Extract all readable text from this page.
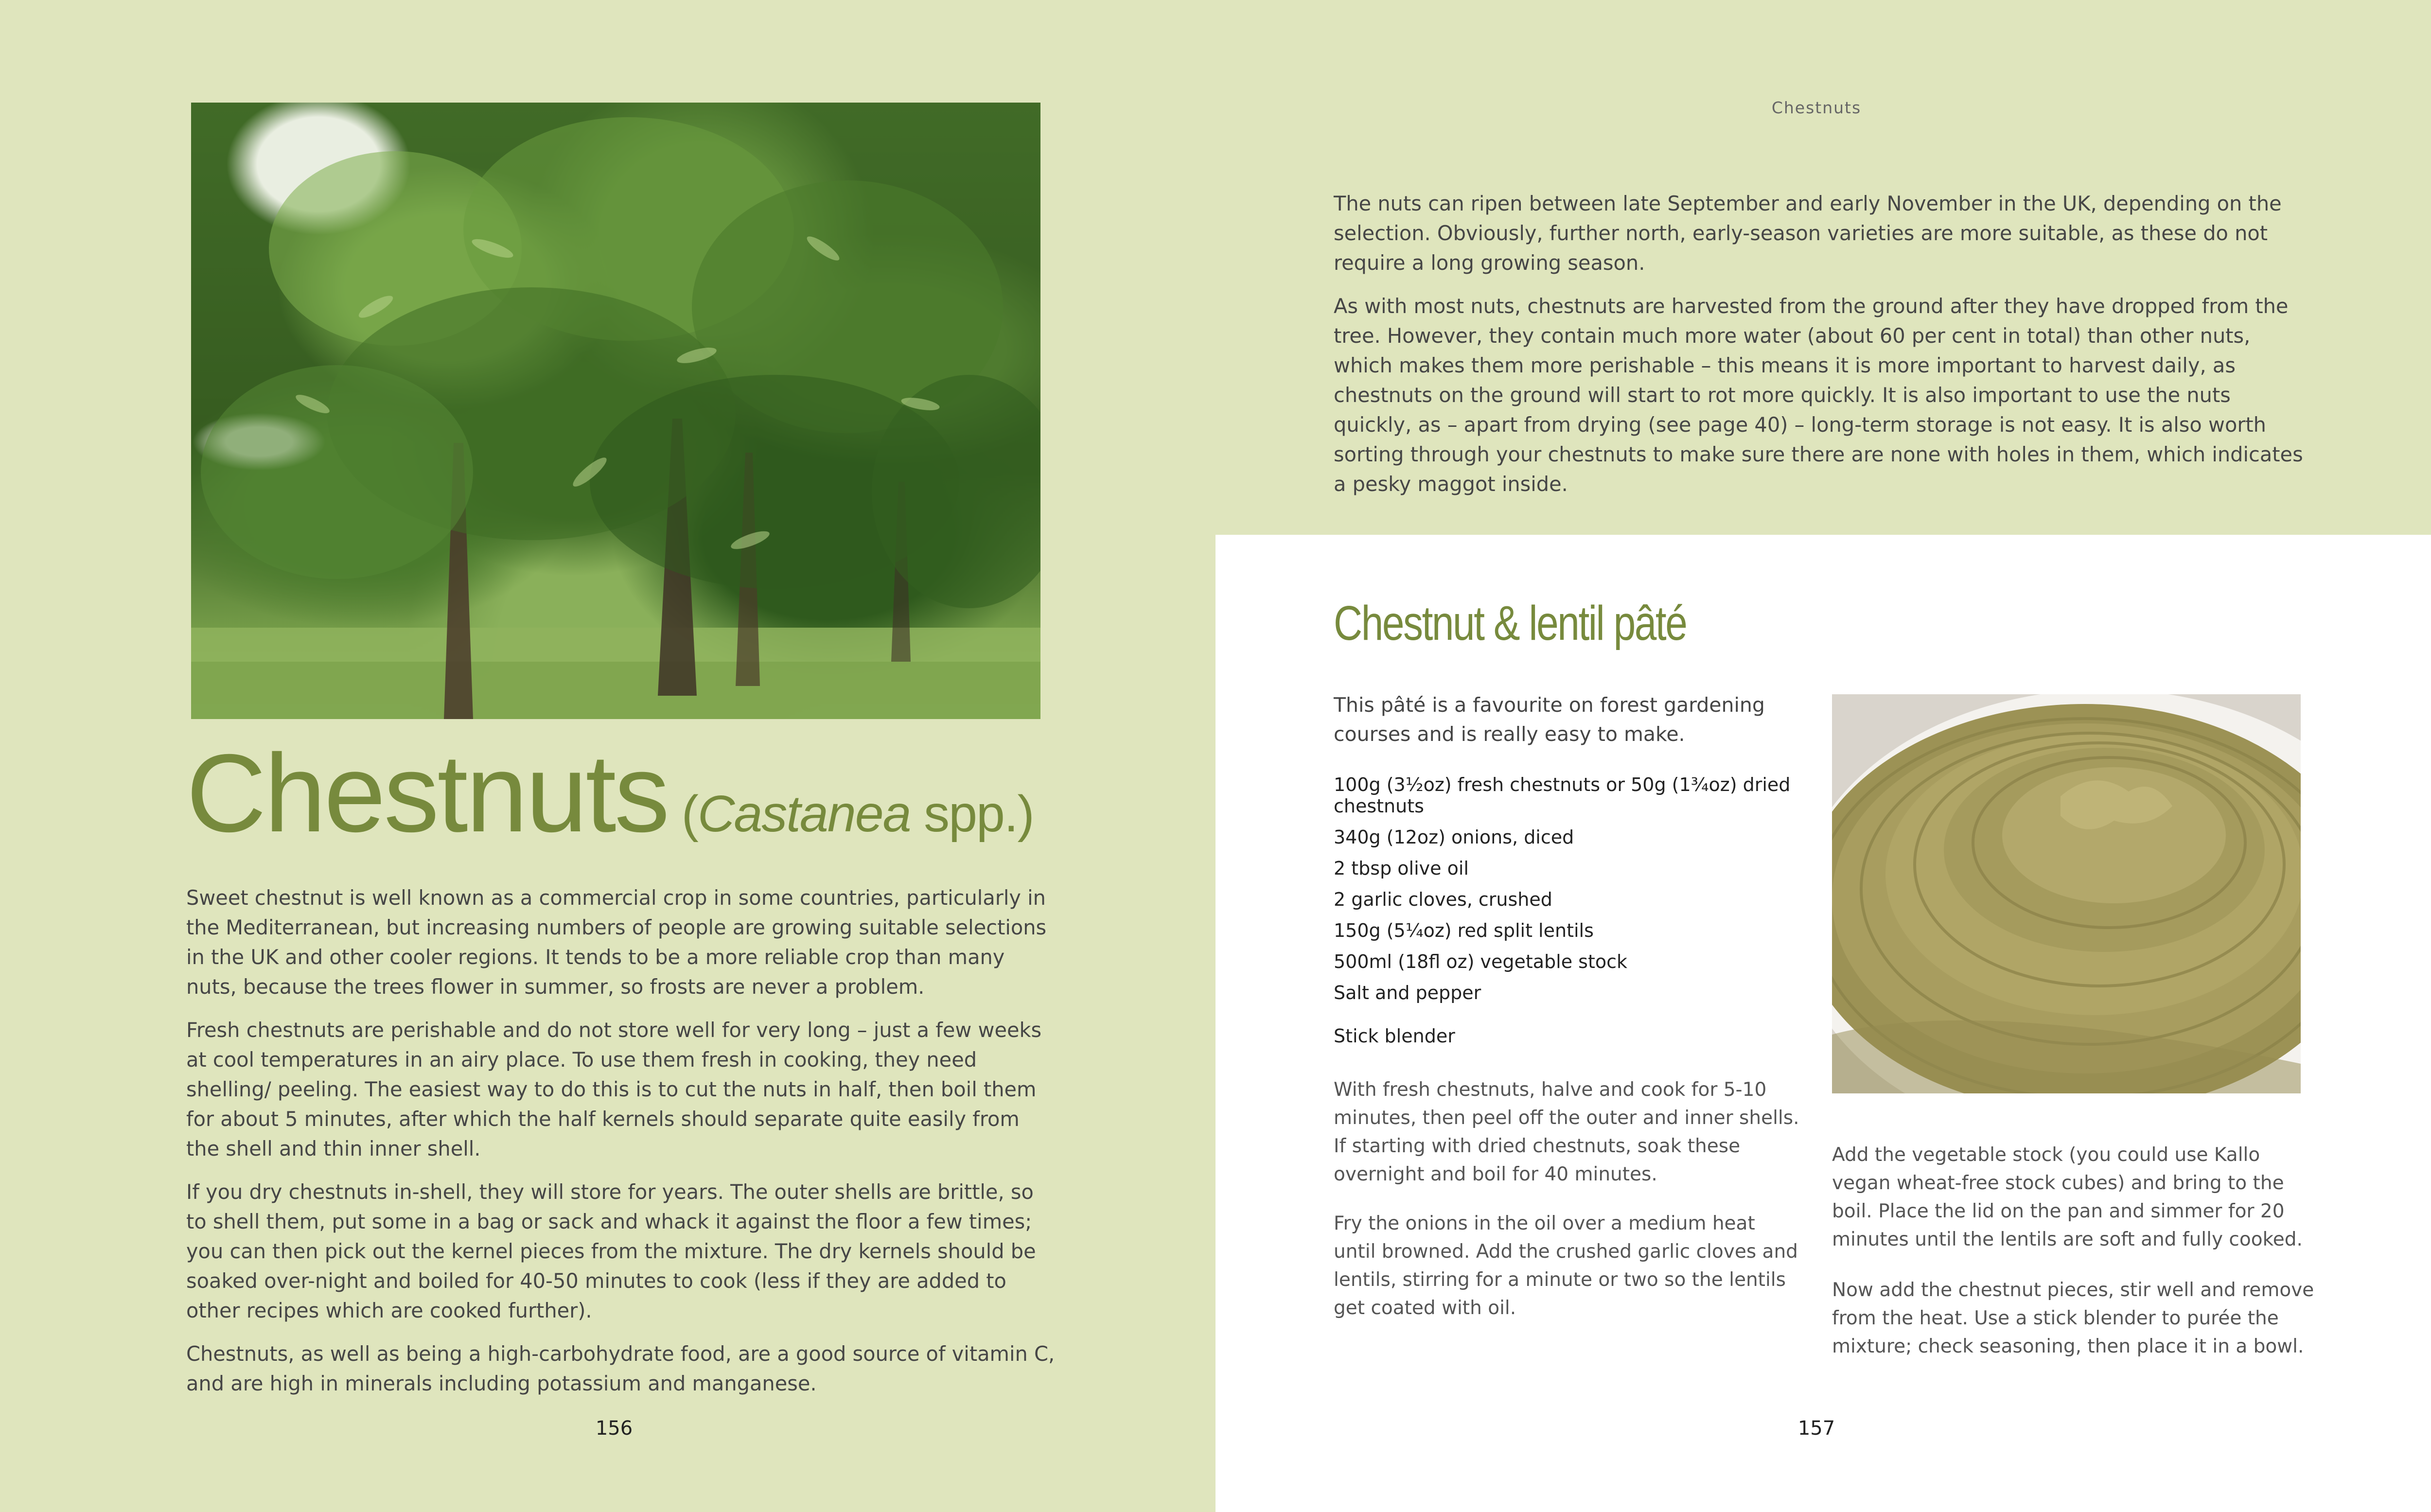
Chestnuts (Castanea spp.)

Sweet chestnut is well known as a commercial crop in some countries, particularly in the Mediterranean, but increasing numbers of people are growing suitable selections in the UK and other cooler regions. It tends to be a more reliable crop than many nuts, because the trees flower in summer, so frosts are never a problem.

Fresh chestnuts are perishable and do not store well for very long – just a few weeks at cool temperatures in an airy place. To use them fresh in cooking, they need shelling/ peeling. The easiest way to do this is to cut the nuts in half, then boil them for about 5 minutes, after which the half kernels should separate quite easily from the shell and thin inner shell.

If you dry chestnuts in-shell, they will store for years. The outer shells are brittle, so to shell them, put some in a bag or sack and whack it against the floor a few times; you can then pick out the kernel pieces from the mixture. The dry kernels should be soaked over-night and boiled for 40-50 minutes to cook (less if they are added to other recipes which are cooked further).

Chestnuts, as well as being a high-carbohydrate food, are a good source of vitamin C, and are high in minerals including potassium and manganese.

156
Chestnuts

The nuts can ripen between late September and early November in the UK, depending on the selection. Obviously, further north, early-season varieties are more suitable, as these do not require a long growing season.

As with most nuts, chestnuts are harvested from the ground after they have dropped from the tree. However, they contain much more water (about 60 per cent in total) than other nuts, which makes them more perishable – this means it is more important to harvest daily, as chestnuts on the ground will start to rot more quickly. It is also important to use the nuts quickly, as – apart from drying (see page 40) – long-term storage is not easy. It is also worth sorting through your chestnuts to make sure there are none with holes in them, which indicates a pesky maggot inside.

Chestnut & lentil pâté
This pâté is a favourite on forest gardening courses and is really easy to make.
100g (3½oz) fresh chestnuts or 50g (1¾oz) dried chestnuts
340g (12oz) onions, diced
2 tbsp olive oil
2 garlic cloves, crushed
150g (5¼oz) red split lentils
500ml (18fl oz) vegetable stock
Salt and pepper
Stick blender
With fresh chestnuts, halve and cook for 5-10 minutes, then peel off the outer and inner shells. If starting with dried chestnuts, soak these overnight and boil for 40 minutes.
Fry the onions in the oil over a medium heat until browned. Add the crushed garlic cloves and lentils, stirring for a minute or two so the lentils get coated with oil.
Add the vegetable stock (you could use Kallo vegan wheat-free stock cubes) and bring to the boil. Place the lid on the pan and simmer for 20 minutes until the lentils are soft and fully cooked.
Now add the chestnut pieces, stir well and remove from the heat. Use a stick blender to purée the mixture; check seasoning, then place it in a bowl.
157
